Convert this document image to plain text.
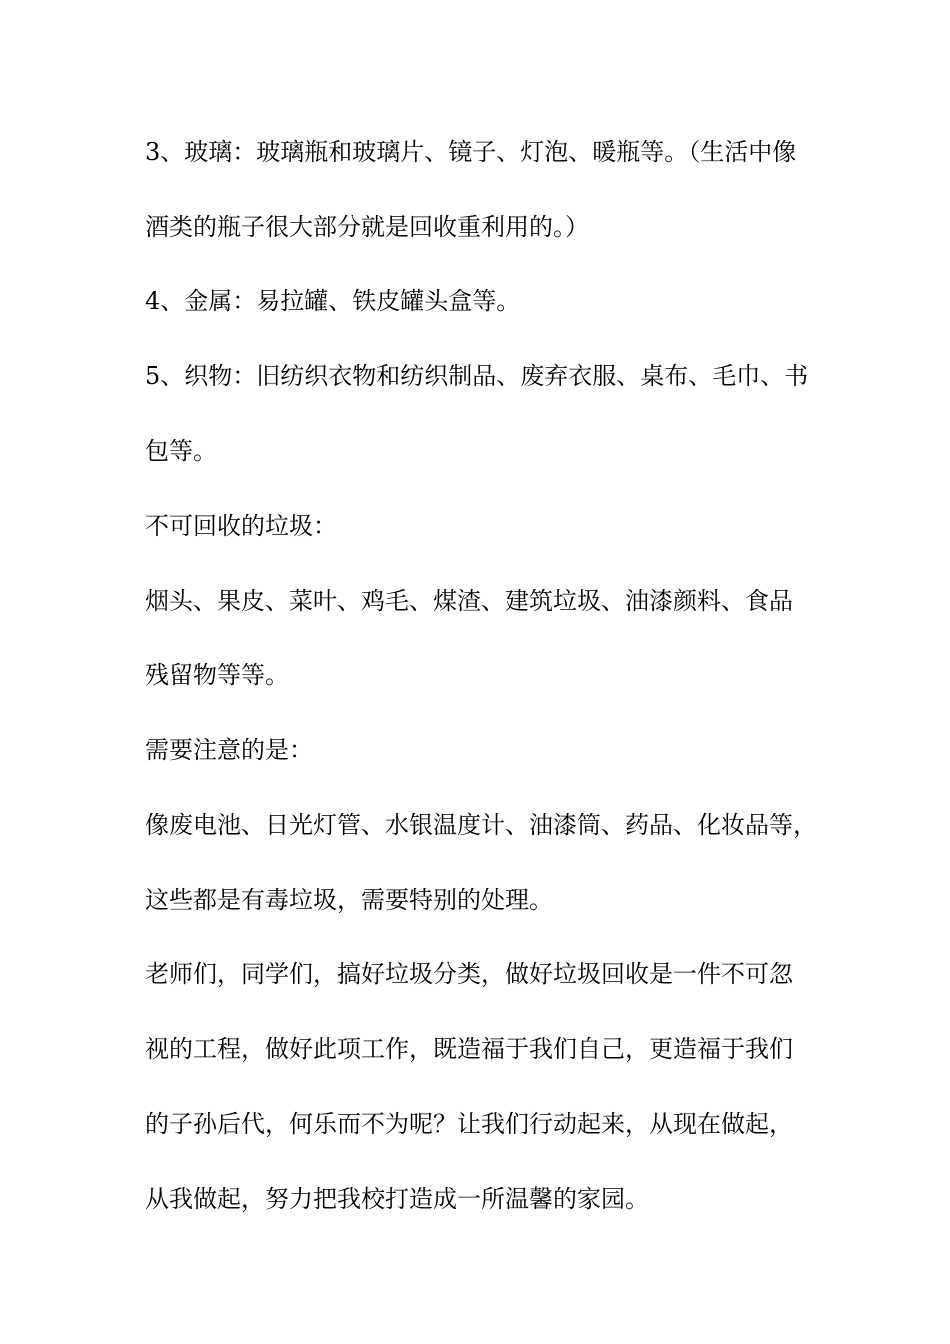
3、玻璃：玻璃瓶和玻璃片、镜子、灯泡、暖瓶等。（生活中像
酒类的瓶子很大部分就是回收重利用的。）
4、金属：易拉罐、铁皮罐头盒等。
5、织物：旧纺织衣物和纺织制品、废弃衣服、桌布、毛巾、书
包等。
不可回收的垃圾：
烟头、果皮、菜叶、鸡毛、煤渣、建筑垃圾、油漆颜料、食品
残留物等等。
需要注意的是：
像废电池、日光灯管、水银温度计、油漆筒、药品、化妆品等，
这些都是有毒垃圾，需要特别的处理。
老师们，同学们，搞好垃圾分类，做好垃圾回收是一件不可忽
视的工程，做好此项工作，既造福于我们自己，更造福于我们
的子孙后代，何乐而不为呢？让我们行动起来，从现在做起，
从我做起，努力把我校打造成一所温馨的家园。
